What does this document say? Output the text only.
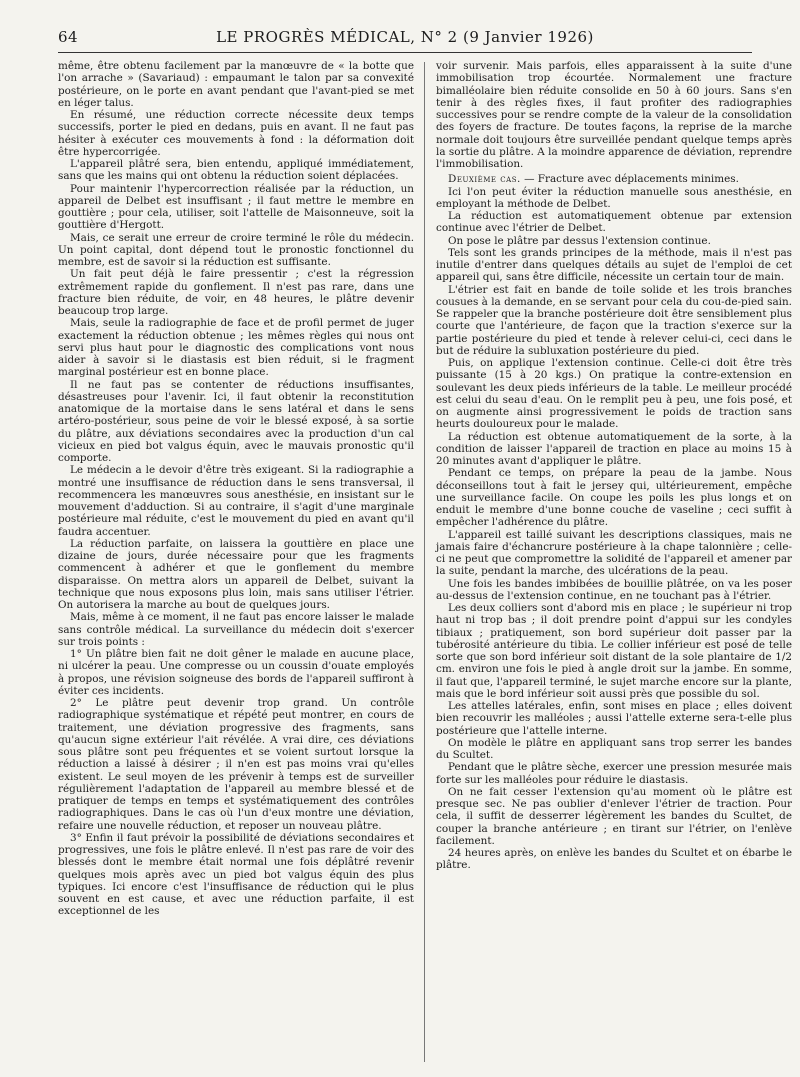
64	LE PROGRÈS MÉDICAL, N° 2 (9 Janvier 1926)

même, être obtenu facilement par la manœuvre de « la botte que l'on arrache » (Savariaud) : empaumant le talon par sa convexité postérieure, on le porte en avant pendant que l'avant-pied se met en léger talus.

En résumé, une réduction correcte nécessite deux temps successifs, porter le pied en dedans, puis en avant. Il ne faut pas hésiter à exécuter ces mouvements à fond : la déformation doit être hypercorrigée.

L'appareil plâtré sera, bien entendu, appliqué immédiatement, sans que les mains qui ont obtenu la réduction soient déplacées.

Pour maintenir l'hypercorrection réalisée par la réduction, un appareil de Delbet est insuffisant ; il faut mettre le membre en gouttière ; pour cela, utiliser, soit l'attelle de Maisonneuve, soit la gouttière d'Hergott.

Mais, ce serait une erreur de croire terminé le rôle du médecin. Un point capital, dont dépend tout le pronostic fonctionnel du membre, est de savoir si la réduction est suffisante.

Un fait peut déjà le faire pressentir ; c'est la régression extrêmement rapide du gonflement. Il n'est pas rare, dans une fracture bien réduite, de voir, en 48 heures, le plâtre devenir beaucoup trop large.

Mais, seule la radiographie de face et de profil permet de juger exactement la réduction obtenue ; les mêmes règles qui nous ont servi plus haut pour le diagnostic des complications vont nous aider à savoir si le diastasis est bien réduit, si le fragment marginal postérieur est en bonne place.

Il ne faut pas se contenter de réductions insuffisantes, désastreuses pour l'avenir. Ici, il faut obtenir la reconstitution anatomique de la mortaise dans le sens latéral et dans le sens artéro-postérieur, sous peine de voir le blessé exposé, à sa sortie du plâtre, aux déviations secondaires avec la production d'un cal vicieux en pied bot valgus équin, avec le mauvais pronostic qu'il comporte.

Le médecin a le devoir d'être très exigeant. Si la radiographie a montré une insuffisance de réduction dans le sens transversal, il recommencera les manœuvres sous anesthésie, en insistant sur le mouvement d'adduction. Si au contraire, il s'agit d'une marginale postérieure mal réduite, c'est le mouvement du pied en avant qu'il faudra accentuer.

La réduction parfaite, on laissera la gouttière en place une dizaine de jours, durée nécessaire pour que les fragments commencent à adhérer et que le gonflement du membre disparaisse. On mettra alors un appareil de Delbet, suivant la technique que nous exposons plus loin, mais sans utiliser l'étrier. On autorisera la marche au bout de quelques jours.

Mais, même à ce moment, il ne faut pas encore laisser le malade sans contrôle médical. La surveillance du médecin doit s'exercer sur trois points :

1° Un plâtre bien fait ne doit gêner le malade en aucune place, ni ulcérer la peau. Une compresse ou un coussin d'ouate employés à propos, une révision soigneuse des bords de l'appareil suffiront à éviter ces incidents.

2° Le plâtre peut devenir trop grand. Un contrôle radiographique systématique et répété peut montrer, en cours de traitement, une déviation progressive des fragments, sans qu'aucun signe extérieur l'ait révélée. A vrai dire, ces déviations sous plâtre sont peu fréquentes et se voient surtout lorsque la réduction a laissé à désirer ; il n'en est pas moins vrai qu'elles existent. Le seul moyen de les prévenir à temps est de surveiller régulièrement l'adaptation de l'appareil au membre blessé et de pratiquer de temps en temps et systématiquement des contrôles radiographiques. Dans le cas où l'un d'eux montre une déviation, refaire une nouvelle réduction, et reposer un nouveau plâtre.

3° Enfin il faut prévoir la possibilité de déviations secondaires et progressives, une fois le plâtre enlevé. Il n'est pas rare de voir des blessés dont le membre était normal une fois déplâtré revenir quelques mois après avec un pied bot valgus équin des plus typiques. Ici encore c'est l'insuffisance de réduction qui le plus souvent en est cause, et avec une réduction parfaite, il est exceptionnel de les

voir survenir. Mais parfois, elles apparaissent à la suite d'une immobilisation trop écourtée. Normalement une fracture bimalléolaire bien réduite consolide en 50 à 60 jours. Sans s'en tenir à des règles fixes, il faut profiter des radiographies successives pour se rendre compte de la valeur de la consolidation des foyers de fracture. De toutes façons, la reprise de la marche normale doit toujours être surveillée pendant quelque temps après la sortie du plâtre. A la moindre apparence de déviation, reprendre l'immobilisation.

Deuxième cas. — Fracture avec déplacements minimes.

Ici l'on peut éviter la réduction manuelle sous anesthésie, en employant la méthode de Delbet.

La réduction est automatiquement obtenue par extension continue avec l'étrier de Delbet.

On pose le plâtre par dessus l'extension continue.

Tels sont les grands principes de la méthode, mais il n'est pas inutile d'entrer dans quelques détails au sujet de l'emploi de cet appareil qui, sans être difficile, nécessite un certain tour de main.

L'étrier est fait en bande de toile solide et les trois branches cousues à la demande, en se servant pour cela du cou-de-pied sain. Se rappeler que la branche postérieure doit être sensiblement plus courte que l'antérieure, de façon que la traction s'exerce sur la partie postérieure du pied et tende à relever celui-ci, ceci dans le but de réduire la subluxation postérieure du pied.

Puis, on applique l'extension continue. Celle-ci doit être très puissante (15 à 20 kgs.) On pratique la contre-extension en soulevant les deux pieds inférieurs de la table. Le meilleur procédé est celui du seau d'eau. On le remplit peu à peu, une fois posé, et on augmente ainsi progressivement le poids de traction sans heurts douloureux pour le malade.

La réduction est obtenue automatiquement de la sorte, à la condition de laisser l'appareil de traction en place au moins 15 à 20 minutes avant d'appliquer le plâtre.

Pendant ce temps, on prépare la peau de la jambe. Nous déconseillons tout à fait le jersey qui, ultérieurement, empêche une surveillance facile. On coupe les poils les plus longs et on enduit le membre d'une bonne couche de vaseline ; ceci suffit à empêcher l'adhérence du plâtre.

L'appareil est taillé suivant les descriptions classiques, mais ne jamais faire d'échancrure postérieure à la chape talonnière ; celle-ci ne peut que compromettre la solidité de l'appareil et amener par la suite, pendant la marche, des ulcérations de la peau.

Une fois les bandes imbibées de bouillie plâtrée, on va les poser au-dessus de l'extension continue, en ne touchant pas à l'étrier.

Les deux colliers sont d'abord mis en place ; le supérieur ni trop haut ni trop bas ; il doit prendre point d'appui sur les condyles tibiaux ; pratiquement, son bord supérieur doit passer par la tubérosité antérieure du tibia. Le collier inférieur est posé de telle sorte que son bord inférieur soit distant de la sole plantaire de 1/2 cm. environ une fois le pied à angle droit sur la jambe. En somme, il faut que, l'appareil terminé, le sujet marche encore sur la plante, mais que le bord inférieur soit aussi près que possible du sol.

Les attelles latérales, enfin, sont mises en place ; elles doivent bien recouvrir les malléoles ; aussi l'attelle externe sera-t-elle plus postérieure que l'attelle interne.

On modèle le plâtre en appliquant sans trop serrer les bandes du Scultet.

Pendant que le plâtre sèche, exercer une pression mesurée mais forte sur les malléoles pour réduire le diastasis.

On ne fait cesser l'extension qu'au moment où le plâtre est presque sec. Ne pas oublier d'enlever l'étrier de traction. Pour cela, il suffit de desserrer légèrement les bandes du Scultet, de couper la branche antérieure ; en tirant sur l'étrier, on l'enlève facilement.

24 heures après, on enlève les bandes du Scultet et on ébarbe le plâtre.
